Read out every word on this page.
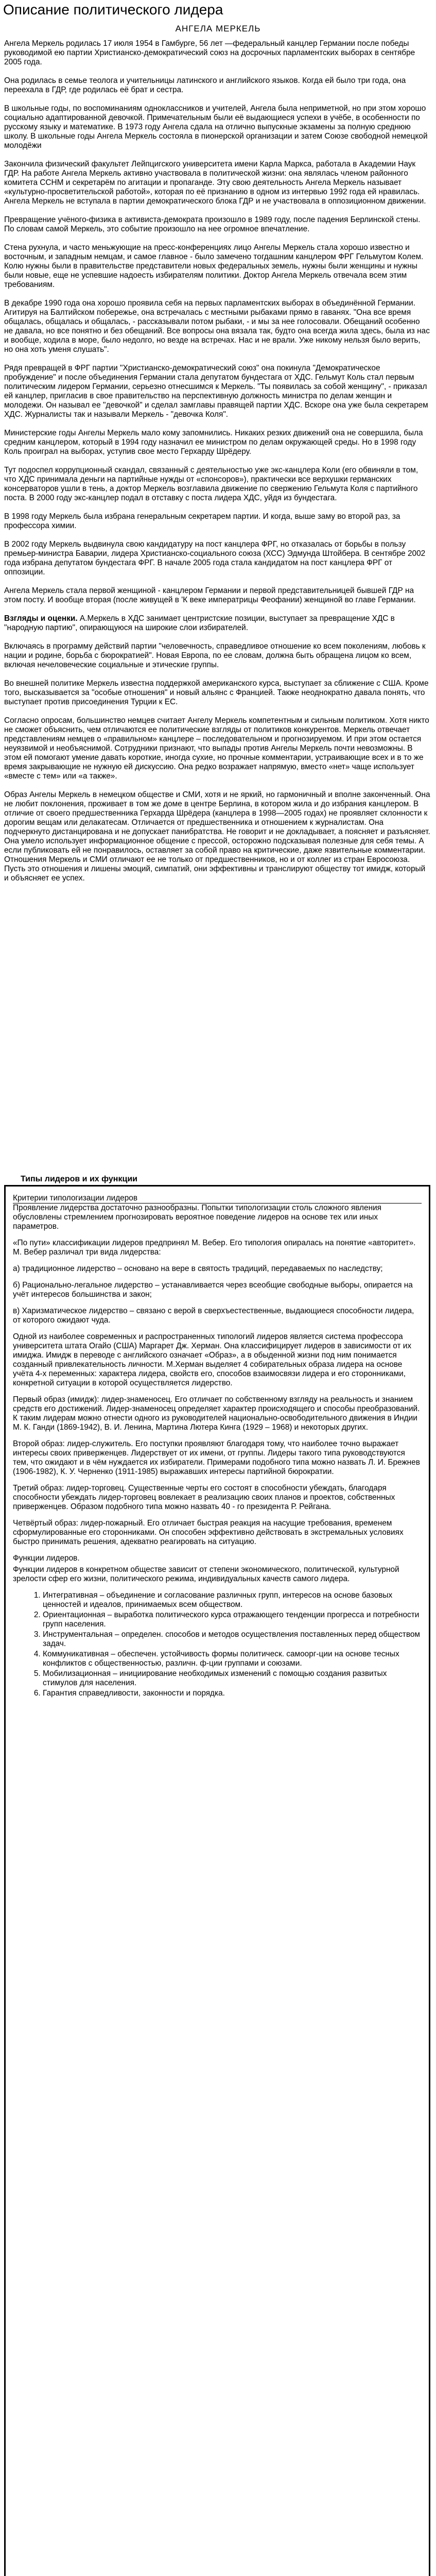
Описание политического лидера
АНГЕЛА МЕРКЕЛЬ

Ангела Меркель родилась 17 июля 1954 в Гамбурге, 56 лет —федеральный канцлер Германии после победы руководимой ею партии Христианско-демократический союз на досрочных парламентских выборах в сентябре 2005 года.

Она родилась в семье теолога и учительницы латинского и английского языков. Когда ей было три года, она переехала в ГДР, где родилась её брат и сестра.

В школьные годы, по воспоминаниям одноклассников и учителей, Ангела была неприметной, но при этом хорошо социально адаптированной девочкой. Примечательным были её выдающиеся успехи в учёбе, в особенности по русскому языку и математике. В 1973 году Ангела сдала на отлично выпускные экзамены за полную среднюю школу. В школьные годы Ангела Меркель состояла в пионерской организации и затем Союзе свободной немецкой молодёжи

Закончила физический факультет Лейпцигского университета имени Карла Маркса, работала в Академии Наук ГДР. На работе Ангела Меркель активно участвовала в политической жизни: она являлась членом районного комитета ССНМ и секретарём по агитации и пропаганде. Эту свою деятельность Ангела Меркель называет «культурно-просветительской работой», которая по её признанию в одном из интервью 1992 года ей нравилась. Ангела Меркель не вступала в партии демократического блока ГДР и не участвовала в оппозиционном движении.

Превращение учёного-физика в активиста-демократа произошло в 1989 году, после падения Берлинской стены. По словам самой Меркель, это событие произошло на нее огромное впечатление.

Стена рухнула, и часто меньжующие на пресс-конференциях лицо Ангелы Меркель стала хорошо известно и восточным, и западным немцам, и самое главное - было замечено тогдашним канцлером ФРГ Гельмутом Колем. Колю нужны были в правительстве представители новых федеральных земель, нужны были женщины и нужны были новые, еще не успевшие надоесть избирателям политики. Доктор Ангела Меркель отвечала всем этим требованиям.

В декабре 1990 года она хорошо проявила себя на первых парламентских выборах в объединённой Германии. Агитируя на Балтийском побережье, она встречалась с местными рыбаками прямо в гаванях. "Она все время общалась, общалась и общалась, - рассказывали потом рыбаки, - и мы за нее голосовали. Обещаний особенно не давала, но все понятно и без обещаний. Все вопросы она вязала так, будто она всегда жила здесь, была из нас и вообще, ходила в море, было недолго, но везде на встречах. Нас и не врали. Уже никому нельзя было верить, но она хоть уменя слушать".

Рядя превращей в ФРГ партии "Христианско-демократический союз" она покинула "Демократическое пробуждение" и после объединения Германии стала депутатом бундестага от ХДС. Гельмут Коль стал первым политическим лидером Германии, серьезно отнесшимся к Меркель. "Ты появилась за собой женщину", - приказал ей канцлер, пригласив в свое правительство на перспективную должность министра по делам женщин и молодежи. Он называл ее "девочкой" и сделал замглавы правящей партии ХДС. Вскоре она уже была секретарем ХДС. Журналисты так и называли Меркель - "девочка Коля".

Министерские годы Ангелы Меркель мало кому запомнились. Никаких резких движений она не совершила, была средним канцлером, который в 1994 году назначил ее министром по делам окружающей среды. Но в 1998 году Коль проиграл на выборах, уступив свое место Герхарду Шрёдеру.

Тут подоспел коррупционный скандал, связанный с деятельностью уже экс-канцлера Коли (его обвиняли в том, что ХДС принимала деньги на партийные нужды от «спонсоров»), практически все верхушки германских консерваторов ушли в тень, а доктор Меркель возглавила движение по свержению Гельмута Коля с партийного поста. В 2000 году экс-канцлер подал в отставку с поста лидера ХДС, уйдя из бундестага.

В 1998 году Меркель была избрана генеральным секретарем партии. И когда, выше заму во второй раз, за профессора химии.

В 2002 году Меркель выдвинула свою кандидатуру на пост канцлера ФРГ, но отказалась от борьбы в пользу премьер-министра Баварии, лидера Христианско-социального союза (ХСС) Эдмунда Штойбера. В сентябре 2002 года избрана депутатом бундестага ФРГ. В начале 2005 года стала кандидатом на пост канцлера ФРГ от оппозиции.

Ангела Меркель стала первой женщиной - канцлером Германии и первой представительницей бывшей ГДР на этом посту. И вообще вторая (после живущей в 'К веке императрицы Феофании) женщиной во главе Германии.

Взгляды и оценки. А.Меркель в ХДС занимает центристские позиции, выступает за превращение ХДС в "народную партию", опирающуюся на широкие слои избирателей.

Включаясь в программу действий партии "человечность, справедливое отношение ко всем поколениям, любовь к нации и родине, борьба с бюрократией". Новая Европа, по ее словам, должна быть обращена лицом ко всем, включая нечеловеческие социальные и этические группы.

Во внешней политике Меркель известна поддержкой американского курса, выступает за сближение с США. Кроме того, высказывается за "особые отношения" и новый альянс с Францией. Также неоднократно давала понять, что выступает против присоединения Турции к ЕС.

Согласно опросам, большинство немцев считает Ангелу Меркель компетентным и сильным политиком. Хотя никто не сможет объяснить, чем отличаются ее политические взгляды от политиков конкурентов. Меркель отвечает представлениям немцев о «правильном» канцлере – последовательном и прогнозируемом. И при этом остается неуязвимой и необъяснимой. Сотрудники признают, что выпады против Ангелы Меркель почти невозможны. В этом ей помогают умение давать короткие, иногда сухие, но прочные комментарии, устраивающие всех и в то же время закрывающие не нужную ей дискуссию. Она редко возражает напрямую, вместо «нет» чаще использует «вместе с тем» или «а также».

Образ Ангелы Меркель в немецком обществе и СМИ, хотя и не яркий, но гармоничный и вполне законченный. Она не любит поклонения, проживает в том же доме в центре Берлина, в котором жила и до избрания канцлером. В отличие от своего предшественника Герхарда Шрёдера (канцлера в 1998—2005 годах) не проявляет склонности к дорогим вещам или делакатесам. Отличается от предшественника и отношением к журналистам. Она подчеркнуто дистанцирована и не допускает панибратства. Не говорит и не докладывает, а поясняет и разъясняет. Она умело использует информационное общение с прессой, осторожно подсказывая полезные для себя темы. А если публиковать ей не понравилось, оставляет за собой право на критические, даже язвительные комментарии. Отношения Меркель и СМИ отличают ее не только от предшественников, но и от коллег из стран Евросоюза. Пусть это отношения и лишены эмоций, симпатий, они эффективны и транслируют обществу тот имидж, который и объясняет ее успех.

Типы лидеров и их функции

Критерии типологизации лидеров

Проявление лидерства достаточно разнообразны. Попытки типологизации столь сложного явления обусловлены стремлением прогнозировать вероятное поведение лидеров на основе тех или иных параметров.

«По пути» классификации лидеров предпринял М. Вебер. Его типология опиралась на понятие «авторитет». М. Вебер различал три вида лидерства:

а) традиционное лидерство – основано на вере в святость традиций, передаваемых по наследству;

б) Рационально-легальное лидерство – устанавливается через всеобщие свободные выборы, опирается на учёт интересов большинства и закон;

в) Харизматическое лидерство – связано с верой в сверхъестественные, выдающиеся способности лидера, от которого ожидают чуда.

Одной из наиболее современных и распространенных типологий лидеров является система профессора университета штата Огайо (США) Маргарет Дж. Херман. Она классифицирует лидеров в зависимости от их имиджа. Имидж в переводе с английского означает «Образ», а в обыденной жизни под ним понимается созданный привлекательность личности. М.Херман выделяет 4 собирательных образа лидера на основе учёта 4-х переменных: характера лидера, свойств его, способов взаимосвязи лидера и его сторонниками, конкретной ситуации в которой осуществляется лидерство.

Первый образ (имидж): лидер-знаменосец. Его отличает по собственному взгляду на реальность и знанием средств его достижений. Лидер-знаменосец определяет характер происходящего и способы преобразований. К таким лидерам можно отнести одного из руководителей национально-освободительного движения в Индии М. К. Ганди (1869-1942), В. И. Ленина, Мартина Лютера Кинга (1929 – 1968) и некоторых других.

Второй образ: лидер-служитель. Его поступки проявляют благодаря тому, что наиболее точно выражает интересы своих приверженцев. Лидерствует от их имени, от группы. Лидеры такого типа руководствуются тем, что ожидают и в чём нуждается их избиратели. Примерами подобного типа можно назвать Л. И. Брежнев (1906-1982), К. У. Черненко (1911-1985) выражавших интересы партийной бюрократии.

Третий образ: лидер-торговец. Существенные черты его состоят в способности убеждать, благодаря способности убеждать лидер-торговец вовлекает в реализацию своих планов и проектов, собственных приверженцев. Образом подобного типа можно назвать 40 - го президента Р. Рейгана.

Четвёртый образ: лидер-пожарный. Его отличает быстрая реакция на насущие требования, временем сформулированные его сторонниками. Он способен эффективно действовать в экстремальных условиях быстро принимать решения, адекватно реагировать на ситуацию.

Функции лидеров.

Функции лидеров в конкретном обществе зависит от степени экономического, политической, культурной зрелости сфер его жизни, политического режима, индивидуальных качеств самого лидера.

1. Интегративная – объединение и согласование различных групп, интересов на основе базовых ценностей и идеалов, принимаемых всем обществом.
2. Ориентационная – выработка политического курса отражающего тенденции прогресса и потребности групп населения.
3. Инструментальная – определен. способов и методов осуществления поставленных перед обществом задач.
4. Коммуникативная – обеспечен. устойчивость формы политическ. самоорг-ции на основе тесных конфликтов с общественностью, различн. ф-ции группами и союзами.
5. Мобилизационная – инициирование необходимых изменений с помощью создания развитых стимулов для населения.
6. Гарантия справедливости, законности и порядка.
